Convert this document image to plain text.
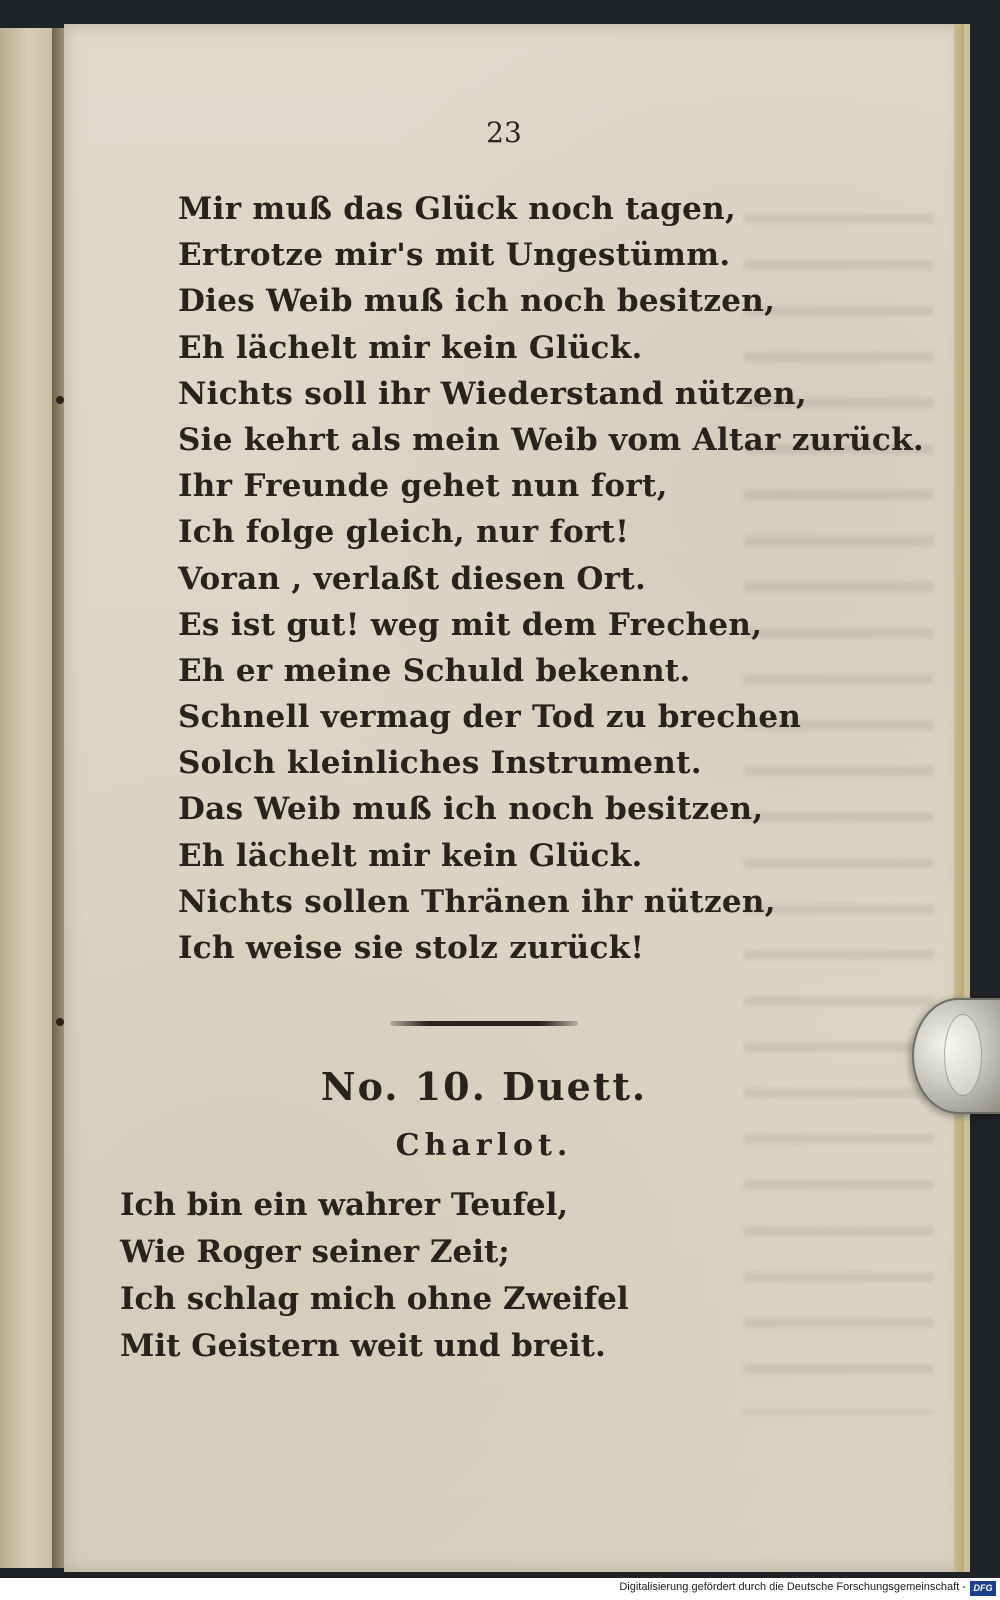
23
Mir muß das Glück noch tagen,
Ertrotze mir's mit Ungestümm.
Dies Weib muß ich noch besitzen,
Eh lächelt mir kein Glück.
Nichts soll ihr Wiederstand nützen,
Sie kehrt als mein Weib vom Altar zurück.
Ihr Freunde gehet nun fort,
Ich folge gleich, nur fort!
Voran , verlaßt diesen Ort.
Es ist gut! weg mit dem Frechen,
Eh er meine Schuld bekennt.
Schnell vermag der Tod zu brechen
Solch kleinliches Instrument.
Das Weib muß ich noch besitzen,
Eh lächelt mir kein Glück.
Nichts sollen Thränen ihr nützen,
Ich weise sie stolz zurück!
No. 10. Duett.
Charlot.
Ich bin ein wahrer Teufel,
Wie Roger seiner Zeit;
Ich schlag mich ohne Zweifel
Mit Geistern weit und breit.
Digitalisierung gefördert durch die Deutsche Forschungsgemeinschaft - DFG
